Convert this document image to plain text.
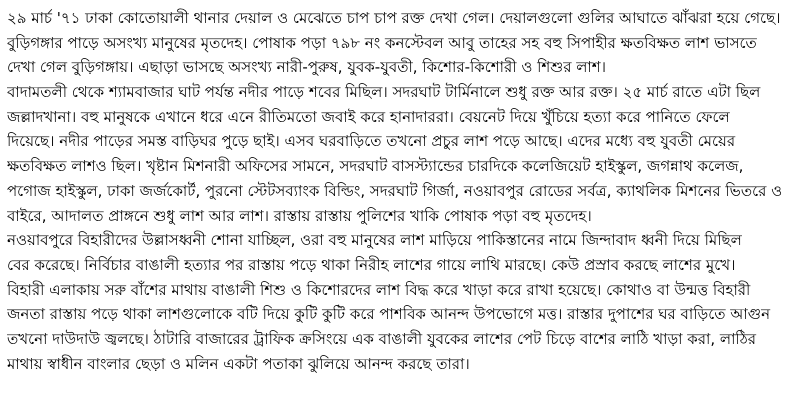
২৯ মার্চ '৭১ ঢাকা কোতোয়ালী থানার দেয়াল ও মেঝেতে চাপ চাপ রক্ত দেখা গেল। দেয়ালগুলো গুলির আঘাতে ঝাঁঝরা হয়ে গেছে।
বুড়িগঙ্গার পাড়ে অসংখ্য মানুষের মৃতদেহ। পোষাক পড়া ৭৯৮ নং কনস্টেবল আবু তাহের সহ বহু সিপাহীর ক্ষতবিক্ষত লাশ ভাসতে
দেখা গেল বুড়িগঙ্গায়। এছাড়া ভাসছে অসংখ্য নারী-পুরুষ, যুবক-যুবতী, কিশোর-কিশোরী ও শিশুর লাশ।
বাদামতলী থেকে শ্যামবাজার ঘাট পর্যন্ত নদীর পাড়ে শবের মিছিল। সদরঘাট টার্মিনালে শুধু রক্ত আর রক্ত। ২৫ মার্চ রাতে এটা ছিল
জল্লাদখানা। বহু মানুষকে এখানে ধরে এনে রীতিমতো জবাই করে হানাদাররা। বেয়নেট দিয়ে খুঁচিয়ে হত্যা করে পানিতে ফেলে
দিয়েছে। নদীর পাড়ের সমস্ত বাড়িঘর পুড়ে ছাই। এসব ঘরবাড়িতে তখনো প্রচুর লাশ পড়ে আছে। এদের মধ্যে বহু যুবতী মেয়ের
ক্ষতবিক্ষত লাশও ছিল। খৃষ্টান মিশনারী অফিসের সামনে, সদরঘাট বাসস্ট্যান্ডের চারদিকে কলেজিয়েট হাইস্কুল, জগন্নাথ কলেজ,
পগোজ হাইস্কুল, ঢাকা জর্জকোর্ট, পুরনো স্টেটসব্যাংক বিল্ডিং, সদরঘাট গির্জা, নওয়াবপুর রোডের সর্বত্র, ক্যাথলিক মিশনের ভিতরে ও
বাইরে, আদালত প্রাঙ্গনে শুধু লাশ আর লাশ। রাস্তায় রাস্তায় পুলিশের খাকি পোষাক পড়া বহু মৃতদেহ।
নওয়াবপুরে বিহারীদের উল্লাসধ্বনী শোনা যাচ্ছিল, ওরা বহু মানুষের লাশ মাড়িয়ে পাকিস্তানের নামে জিন্দাবাদ ধ্বনী দিয়ে মিছিল
বের করেছে। নির্বিচার বাঙালী হত্যার পর রাস্তায় পড়ে থাকা নিরীহ লাশের গায়ে লাথি মারছে। কেউ প্রস্রাব করছে লাশের মুখে।
বিহারী এলাকায় সরু বাঁশের মাথায় বাঙালী শিশু ও কিশোরদের লাশ বিদ্ধ করে খাড়া করে রাখা হয়েছে। কোথাও বা উন্মত্ত বিহারী
জনতা রাস্তায় পড়ে থাকা লাশগুলোকে বটি দিয়ে কুটি কুটি করে পাশবিক আনন্দ উপভোগে মত্ত। রাস্তার দুপাশের ঘর বাড়িতে আগুন
তখনো দাউদাউ জ্বলছে। ঠাটারি বাজারের ট্রাফিক ক্রসিংয়ে এক বাঙালী যুবকের লাশের পেট চিড়ে বাশের লাঠি খাড়া করা, লাঠির
মাথায় স্বাধীন বাংলার ছেড়া ও মলিন একটা পতাকা ঝুলিয়ে আনন্দ করছে তারা।
